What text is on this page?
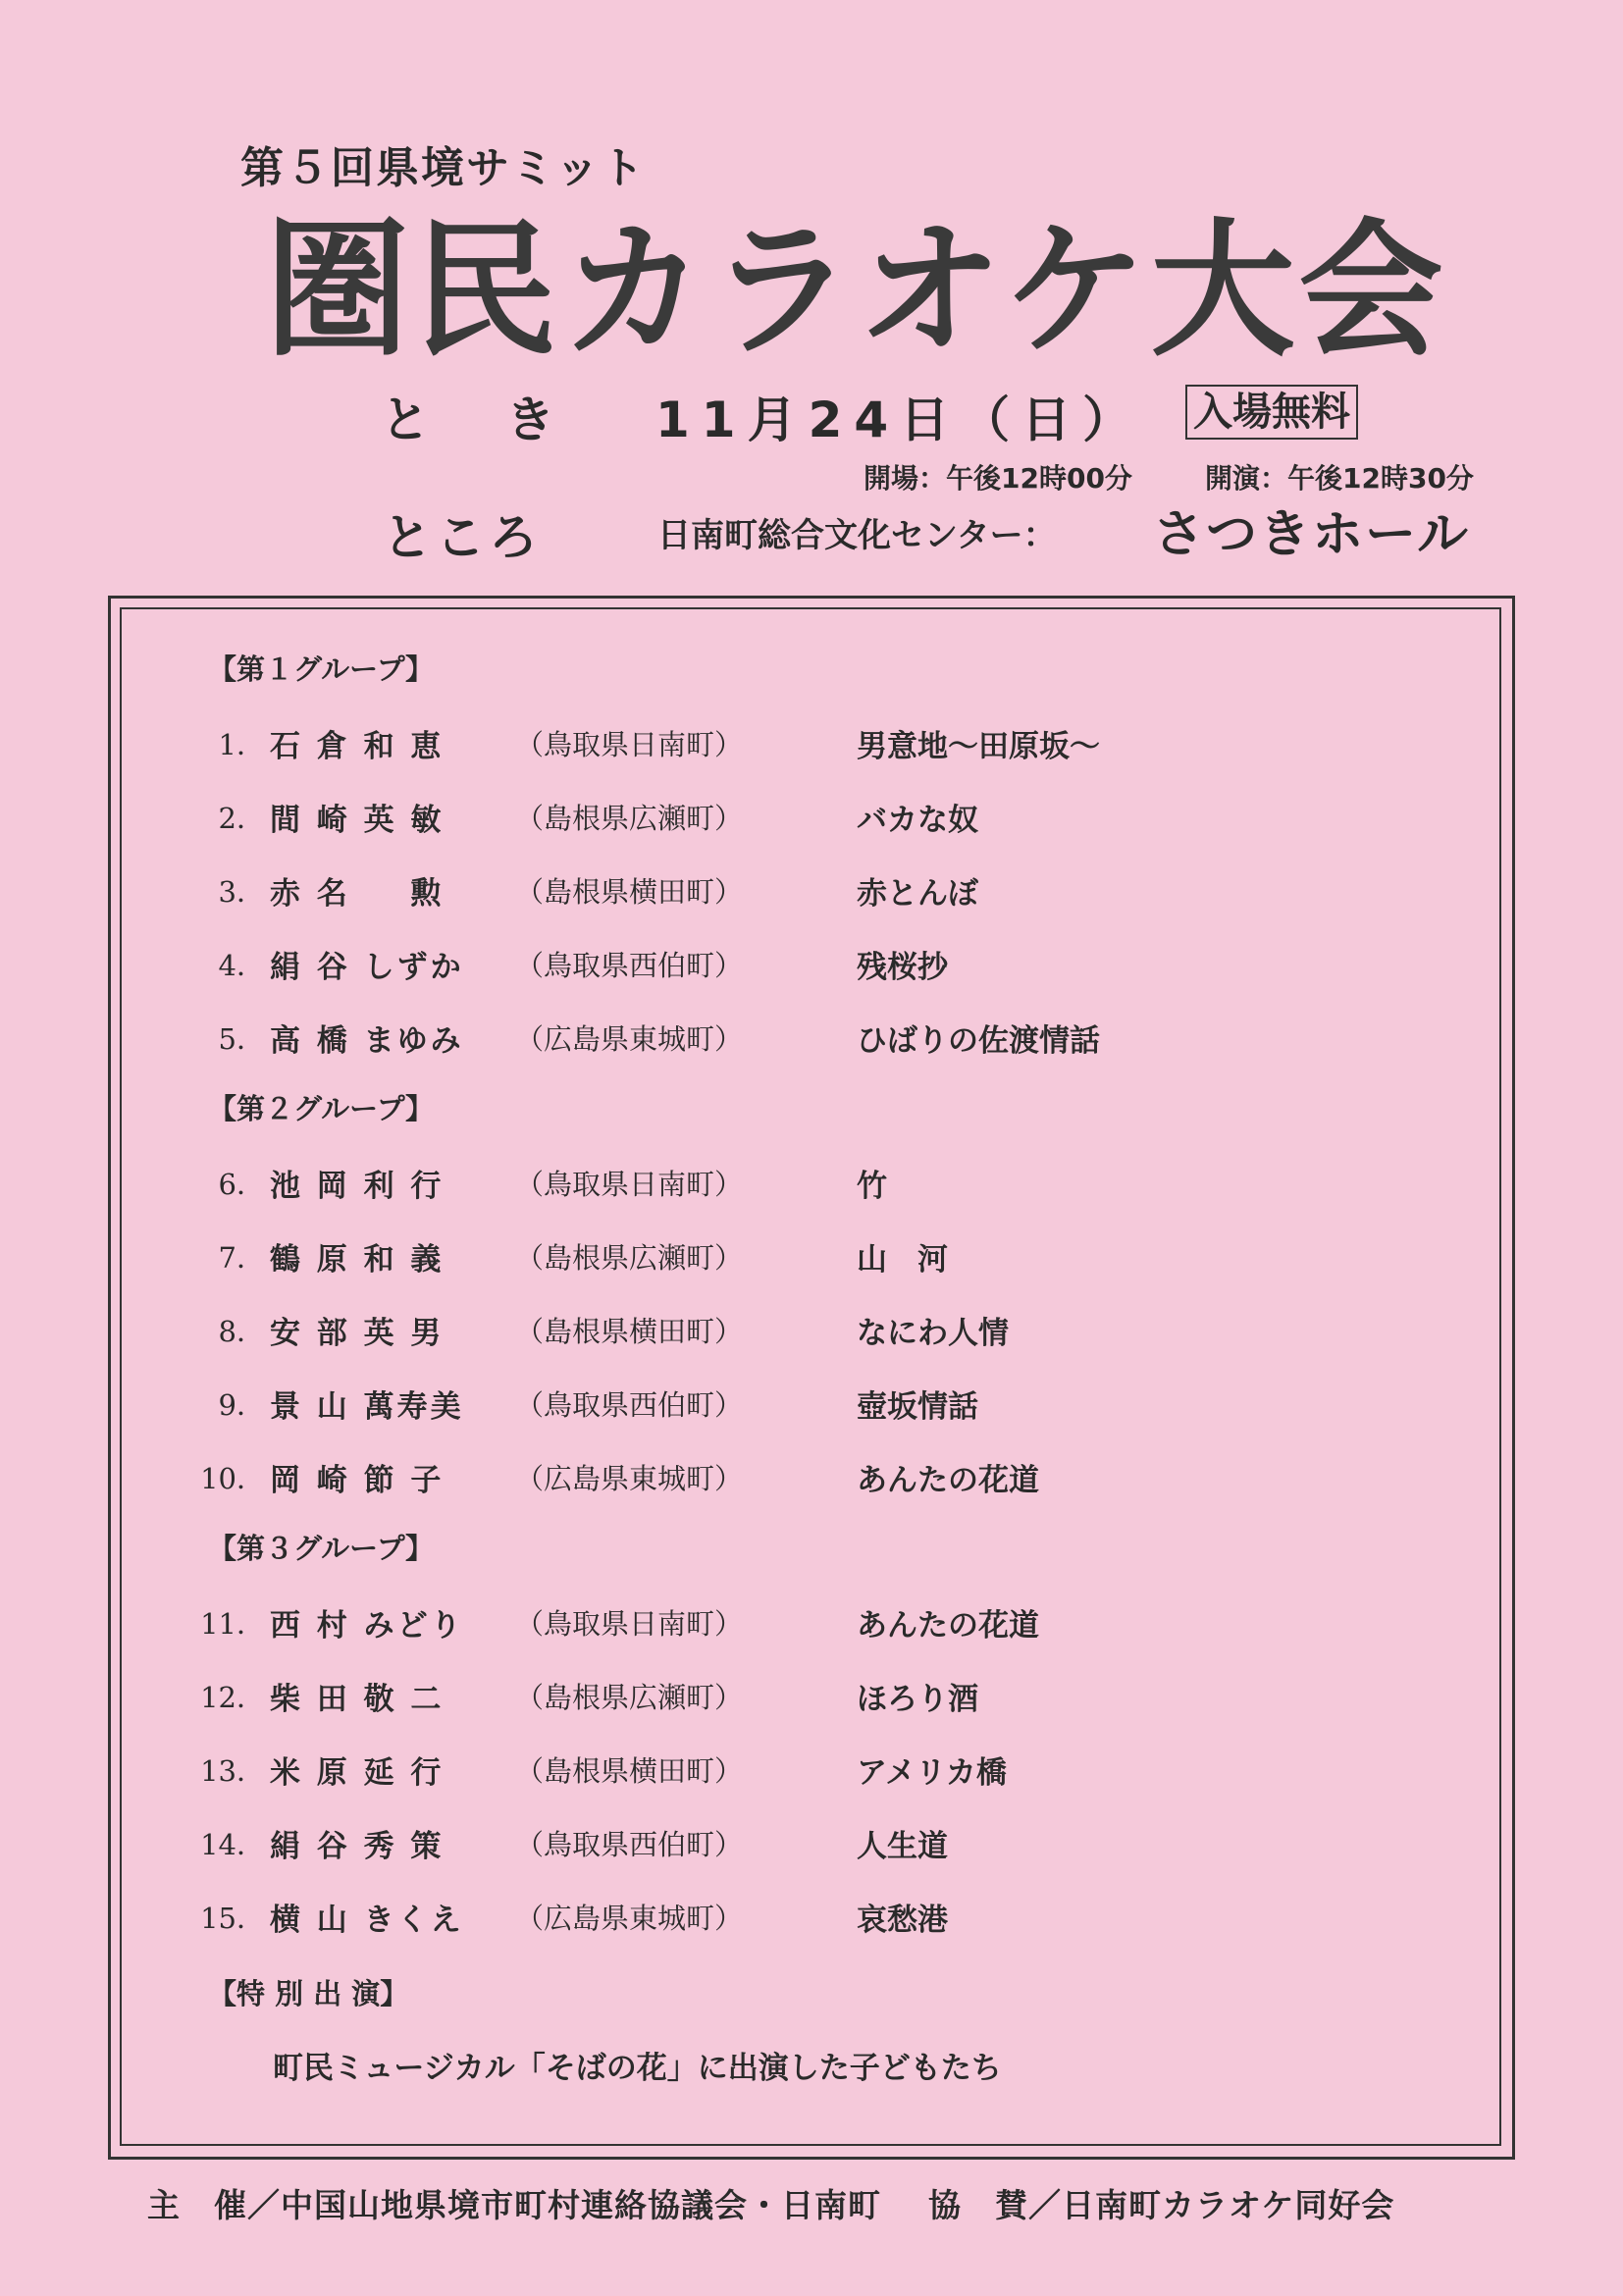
第５回県境サミット
圏民カラオケ大会
と き 11月24日（日） 入場無料
開場：午後12時00分	開演：午後12時30分
ところ	日南町総合文化センター： さつきホール
【第１グループ】
1． 石 倉 和 恵	（鳥取県日南町）	男意地～田原坂～
2． 間 崎 英 敏	（島根県広瀬町）	バカな奴
3． 赤 名 　 勲	（島根県横田町）	赤とんぼ
4． 絹 谷 しずか （鳥取県西伯町）	残桜抄
5． 高 橋 まゆみ （広島県東城町）	ひばりの佐渡情話
【第２グループ】
6． 池 岡 利 行	（鳥取県日南町）	竹
7． 鶴 原 和 義	（島根県広瀬町）	山　河
8． 安 部 英 男	（島根県横田町）	なにわ人情
9． 景 山 萬寿美 （鳥取県西伯町）	壺坂情話
10． 岡 崎 節 子	（広島県東城町）	あんたの花道
【第３グループ】
11． 西 村 みどり （鳥取県日南町）	あんたの花道
12． 柴 田 敬 二	（島根県広瀬町）	ほろり酒
13． 米 原 延 行	（島根県横田町）	アメリカ橋
14． 絹 谷 秀 策	（鳥取県西伯町）	人生道
15． 横 山 きくえ （広島県東城町）	哀愁港
【特 別 出 演】
町民ミュージカル「そばの花」に出演した子どもたち
主　催／中国山地県境市町村連絡協議会・日南町 協　賛／日南町カラオケ同好会
